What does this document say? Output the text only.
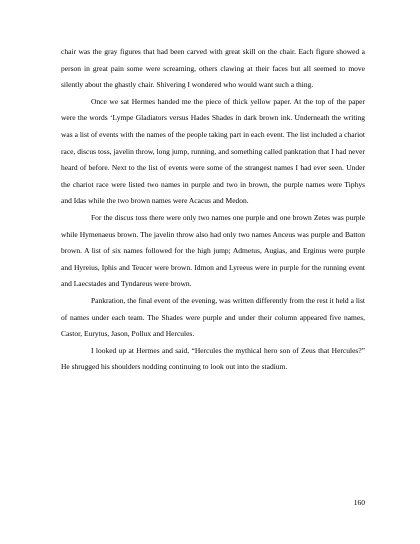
chair was the gray figures that had been carved with great skill on the chair. Each figure showed a person in great pain some were screaming, others clawing at their faces but all seemed to move silently about the ghastly chair. Shivering I wondered who would want such a thing.

Once we sat Hermes handed me the piece of thick yellow paper. At the top of the paper were the words ‘Lympe Gladiators versus Hades Shades in dark brown ink. Underneath the writing was a list of events with the names of the people taking part in each event. The list included a chariot race, discus toss, javelin throw, long jump, running, and something called pankration that I had never heard of before. Next to the list of events were some of the strangest names I had ever seen. Under the chariot race were listed two names in purple and two in brown, the purple names were Tiphys and Idas while the two brown names were Acacus and Medon.

For the discus toss there were only two names one purple and one brown Zetes was purple while Hymenaeus brown. The javelin throw also had only two names Anceus was purple and Batton brown. A list of six names followed for the high jump; Admetus, Augias, and Erginus were purple and Hyreius, Iphis and Teucer were brown. Idmon and Lyreeus were in purple for the running event and Laecstades and Tyndareus were brown.

Pankration, the final event of the evening, was written differently from the rest it held a list of names under each team. The Shades were purple and under their column appeared five names, Castor, Eurytus, Jason, Pollux and Hercules.

I looked up at Hermes and said, “Hercules the mythical hero son of Zeus that Hercules?” He shrugged his shoulders nodding continuing to look out into the stadium.

160
